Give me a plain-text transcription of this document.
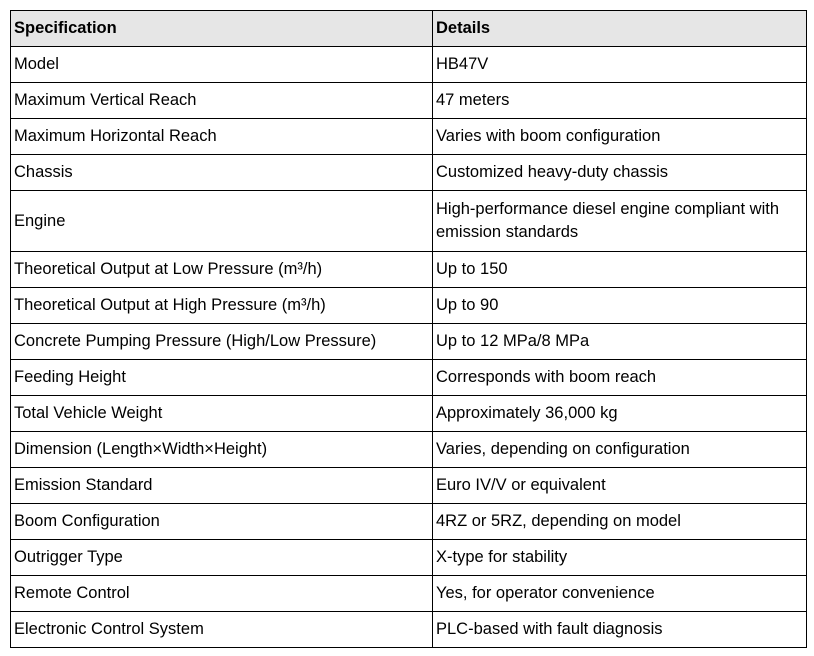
Specification	Details
Model	HB47V
Maximum Vertical Reach	47 meters
Maximum Horizontal Reach	Varies with boom configuration
Chassis	Customized heavy-duty chassis
Engine	High-performance diesel engine compliant with emission standards
Theoretical Output at Low Pressure (m³/h)	Up to 150
Theoretical Output at High Pressure (m³/h)	Up to 90
Concrete Pumping Pressure (High/Low Pressure)	Up to 12 MPa/8 MPa
Feeding Height	Corresponds with boom reach
Total Vehicle Weight	Approximately 36,000 kg
Dimension (Length×Width×Height)	Varies, depending on configuration
Emission Standard	Euro IV/V or equivalent
Boom Configuration	4RZ or 5RZ, depending on model
Outrigger Type	X-type for stability
Remote Control	Yes, for operator convenience
Electronic Control System	PLC-based with fault diagnosis
